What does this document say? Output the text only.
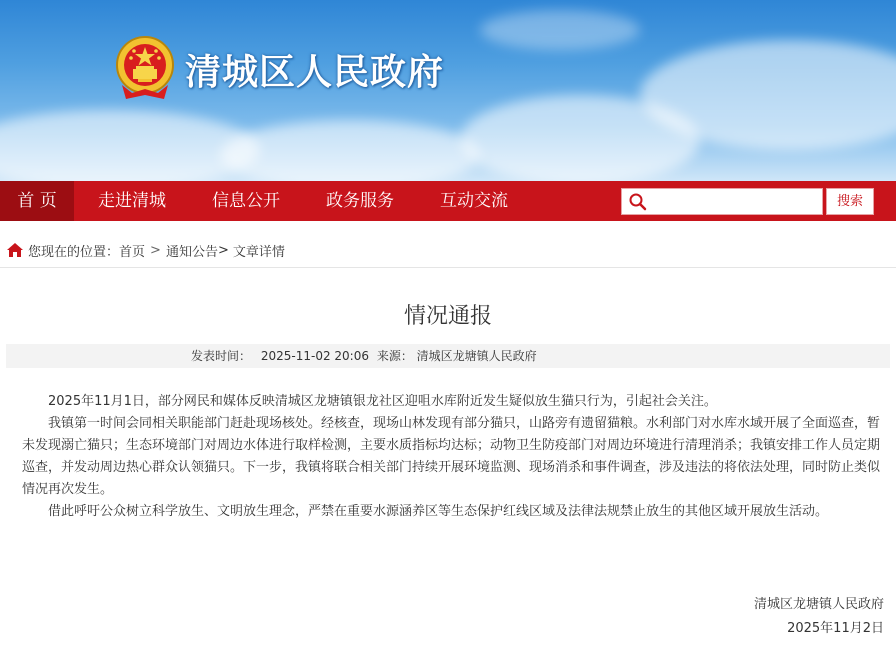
清城区人民政府
首 页	走进清城	信息公开	政务服务	互动交流	搜索
您现在的位置： 首页 > 通知公告 > 文章详情
情况通报
发表时间： 2025-11-02 20:06 来源： 清城区龙塘镇人民政府

2025年11月1日，部分网民和媒体反映清城区龙塘镇银龙社区迎咀水库附近发生疑似放生猫只行为，引起社会关注。

我镇第一时间会同相关职能部门赶赴现场核处。经核查，现场山林发现有部分猫只，山路旁有遗留猫粮。水利部门对水库水域开展了全面巡查，暂未发现溺亡猫只；生态环境部门对周边水体进行取样检测，主要水质指标均达标；动物卫生防疫部门对周边环境进行清理消杀；我镇安排工作人员定期巡查，并发动周边热心群众认领猫只。下一步，我镇将联合相关部门持续开展环境监测、现场消杀和事件调查，涉及违法的将依法处理，同时防止类似情况再次发生。

借此呼吁公众树立科学放生、文明放生理念，严禁在重要水源涵养区等生态保护红线区域及法律法规禁止放生的其他区域开展放生活动。

清城区龙塘镇人民政府
2025年11月2日
